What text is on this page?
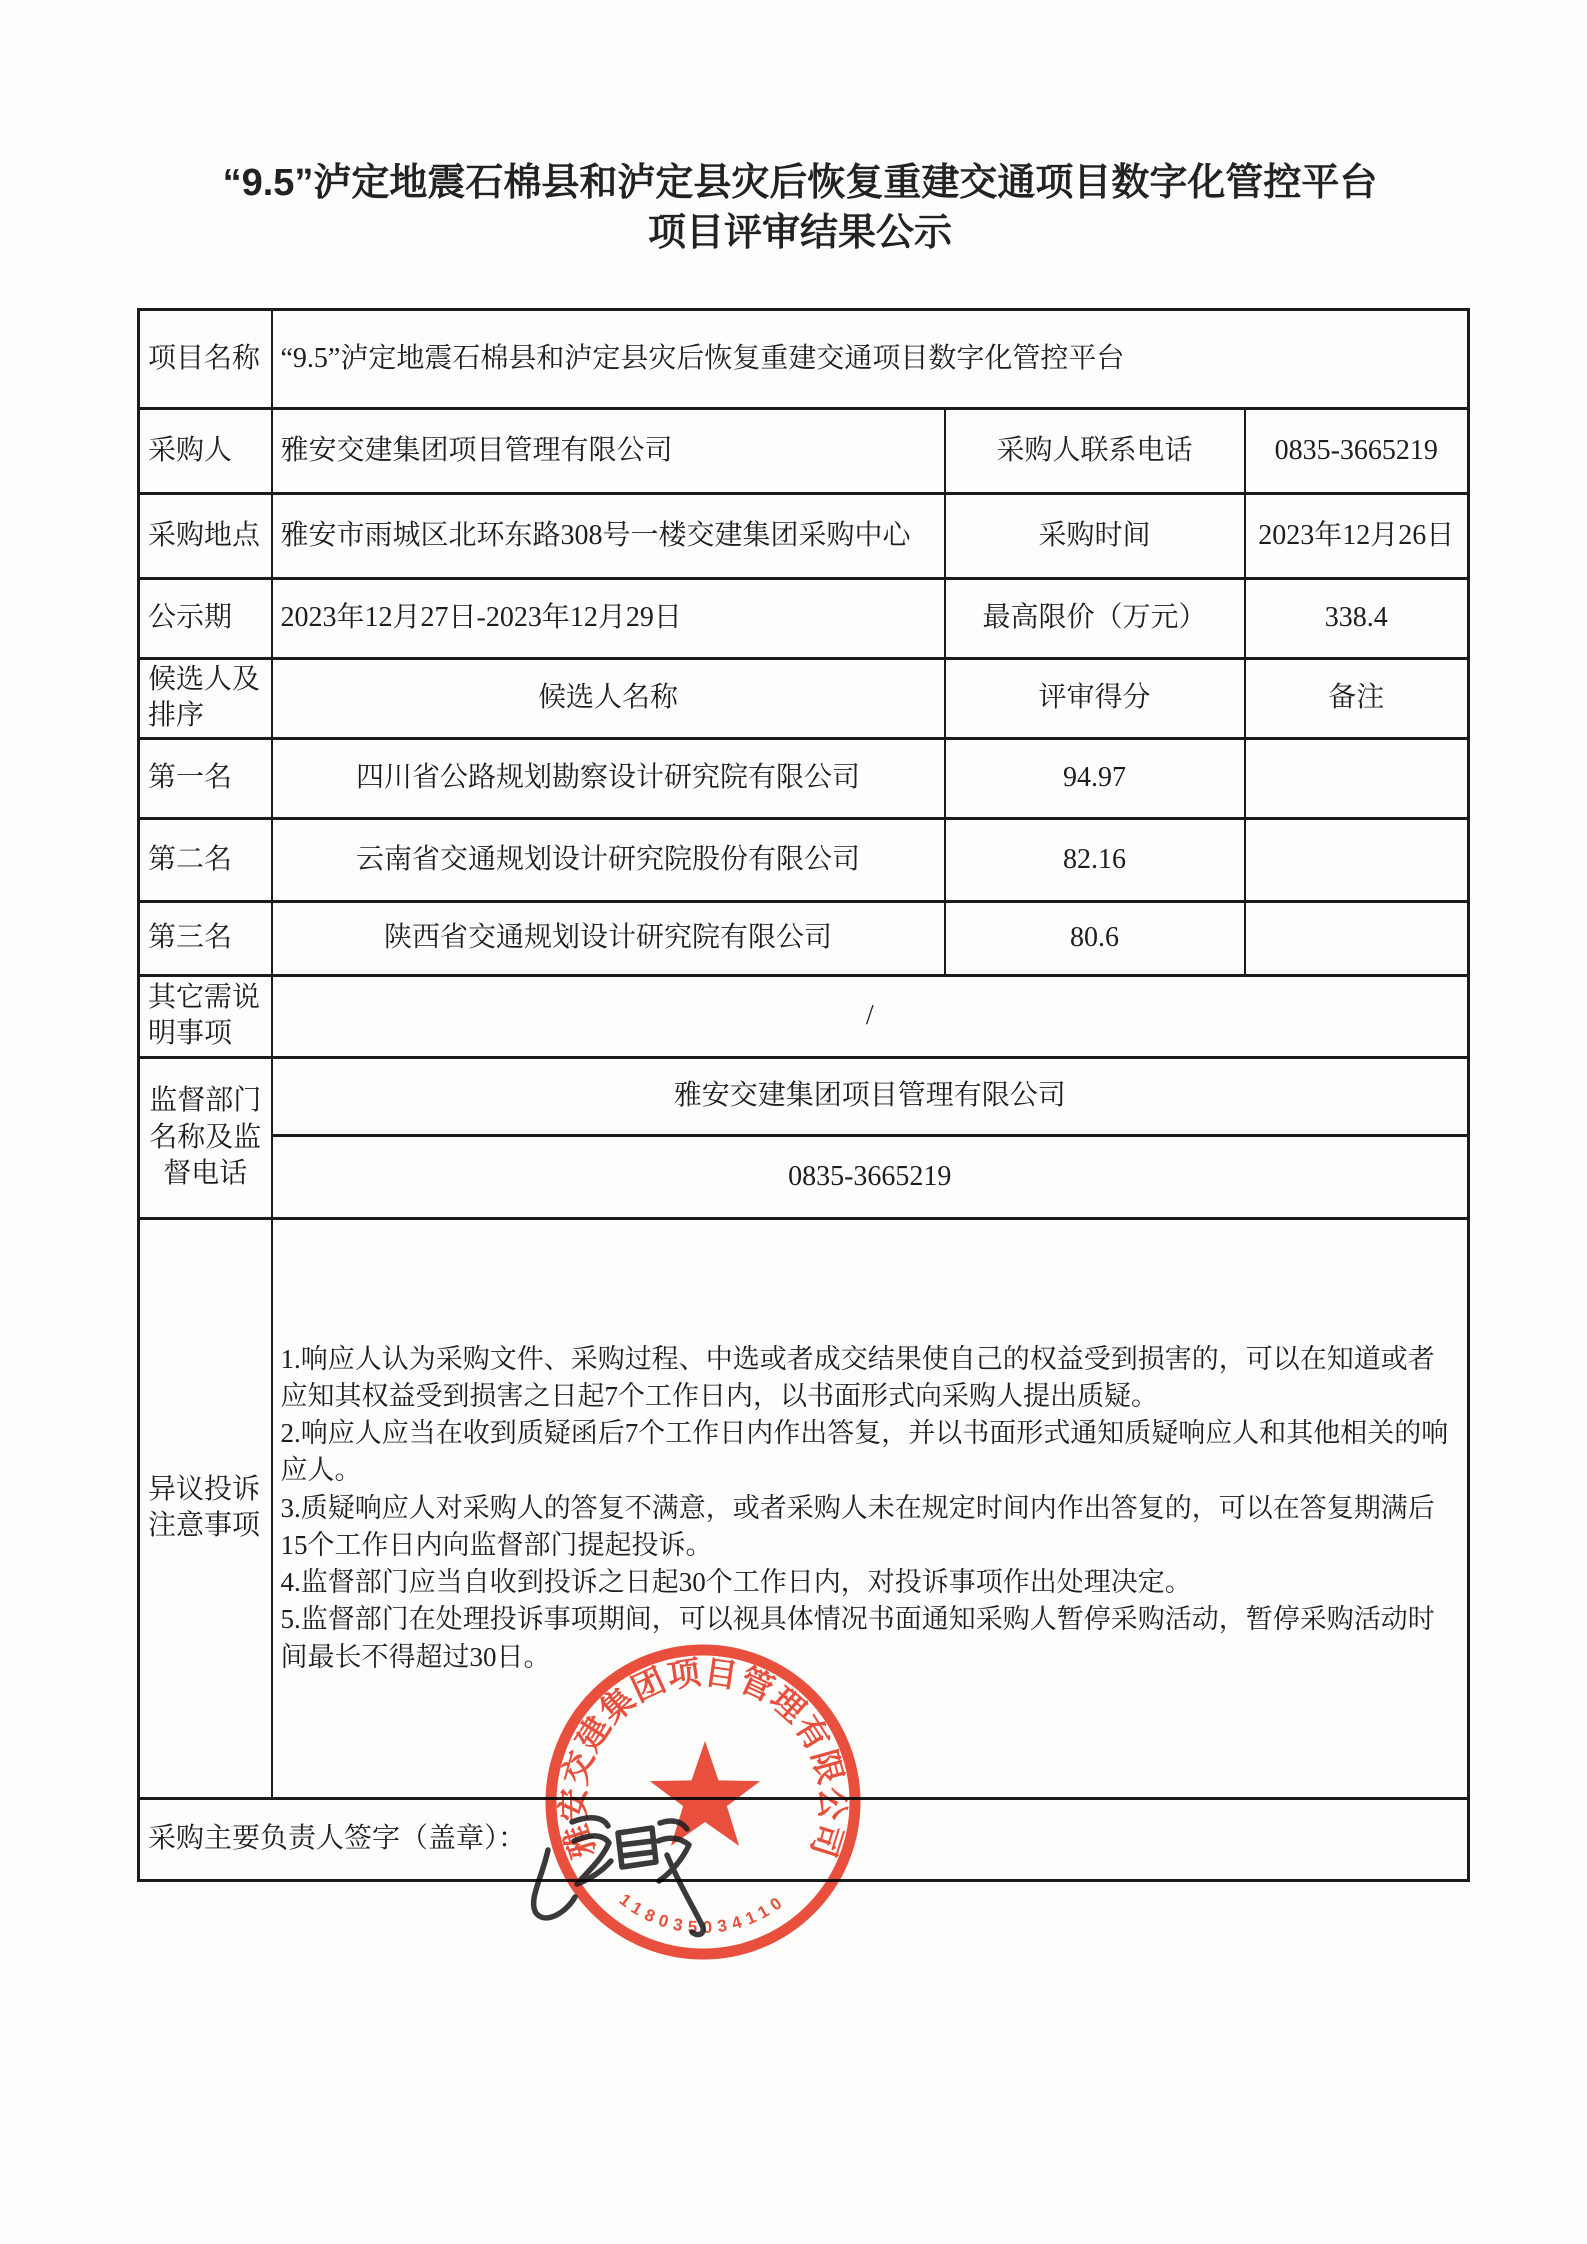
“9.5”泸定地震石棉县和泸定县灾后恢复重建交通项目数字化管控平台
项目评审结果公示
项目名称	“9.5”泸定地震石棉县和泸定县灾后恢复重建交通项目数字化管控平台		
采购人	雅安交建集团项目管理有限公司	采购人联系电话	0835-3665219
采购地点	雅安市雨城区北环东路308号一楼交建集团采购中心	采购时间	2023年12月26日
公示期	2023年12月27日-2023年12月29日	最高限价（万元）	338.4
候选人及排序	候选人名称	评审得分	备注
第一名	四川省公路规划勘察设计研究院有限公司	94.97	
第二名	云南省交通规划设计研究院股份有限公司	82.16	
第三名	陕西省交通规划设计研究院有限公司	80.6	
其它需说明事项	/		
监督部门名称及监督电话	雅安交建集团项目管理有限公司		
	0835-3665219		
异议投诉注意事项	1.响应人认为采购文件、采购过程、中选或者成交结果使自己的权益受到损害的，可以在知道或者应知其权益受到损害之日起7个工作日内，以书面形式向采购人提出质疑。

2.响应人应当在收到质疑函后7个工作日内作出答复，并以书面形式通知质疑响应人和其他相关的响应人。

3.质疑响应人对采购人的答复不满意，或者采购人未在规定时间内作出答复的，可以在答复期满后15个工作日内向监督部门提起投诉。

4.监督部门应当自收到投诉之日起30个工作日内，对投诉事项作出处理决定。

5.监督部门在处理投诉事项期间，可以视具体情况书面通知采购人暂停采购活动，暂停采购活动时间最长不得超过30日。		

采购主要负责人签字（盖章）：			雅安交建集团项目管理有限公司
118035034110
